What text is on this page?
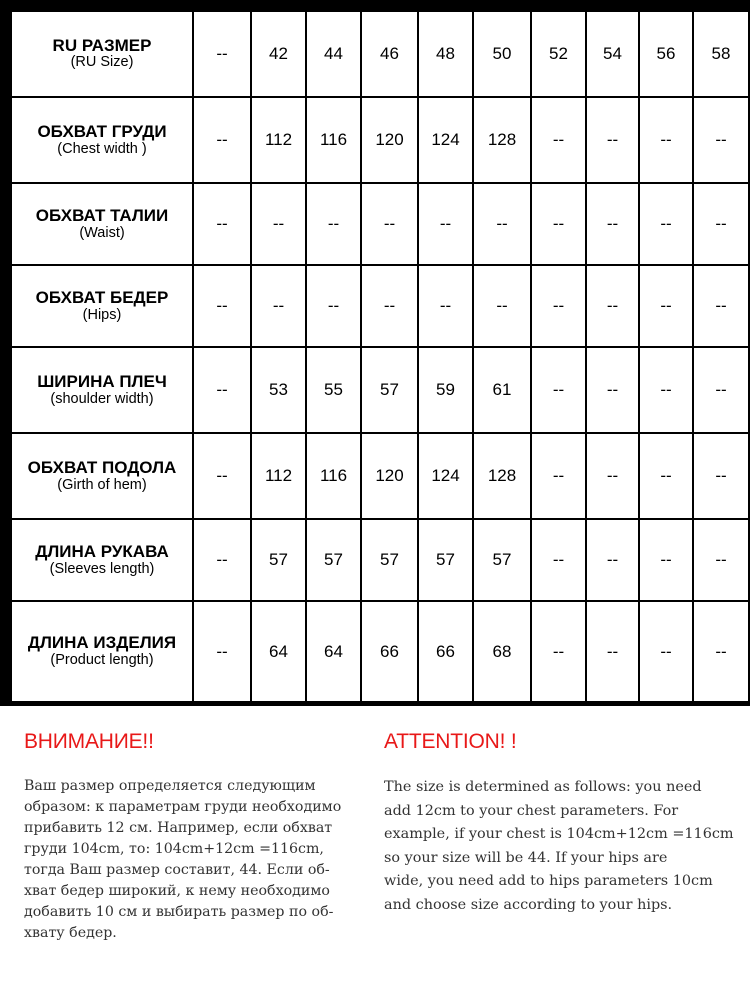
RU РАЗМЕР
(RU Size)	--	42	44	46	48	50	52	54	56	58

ОБХВАТ ГРУДИ
(Chest width )	--	112	116	120	124	128	--	--	--	--

ОБХВАТ ТАЛИИ
(Waist)	--	--	--	--	--	--	--	--	--	--

ОБХВАТ БЕДЕР
(Hips)	--	--	--	--	--	--	--	--	--	--

ШИРИНА ПЛЕЧ
(shoulder width)	--	53	55	57	59	61	--	--	--	--

ОБХВАТ ПОДОЛА
(Girth of hem)	--	112	116	120	124	128	--	--	--	--

ДЛИНА РУКАВА
(Sleeves length)	--	57	57	57	57	57	--	--	--	--

ДЛИНА ИЗДЕЛИЯ
(Product length)	--	64	64	66	66	68	--	--	--	--
ВНИМАНИЕ!!

Ваш размер определяется следующим
образом: к параметрам груди необходимо
прибавить 12 см. Например, если обхват
груди 104cm, то: 104cm+12cm =116cm,
тогда Ваш размер составит, 44. Если об-
хват бедер широкий, к нему необходимо
добавить 10 см и выбирать размер по об-
хвату бедер.

ATTENTION! !

The size is determined as follows: you need
add 12cm to your chest parameters. For
example, if your chest is 104cm+12cm =116cm
so your size will be 44. If your hips are
wide, you need add to hips parameters 10cm
and choose size according to your hips.
